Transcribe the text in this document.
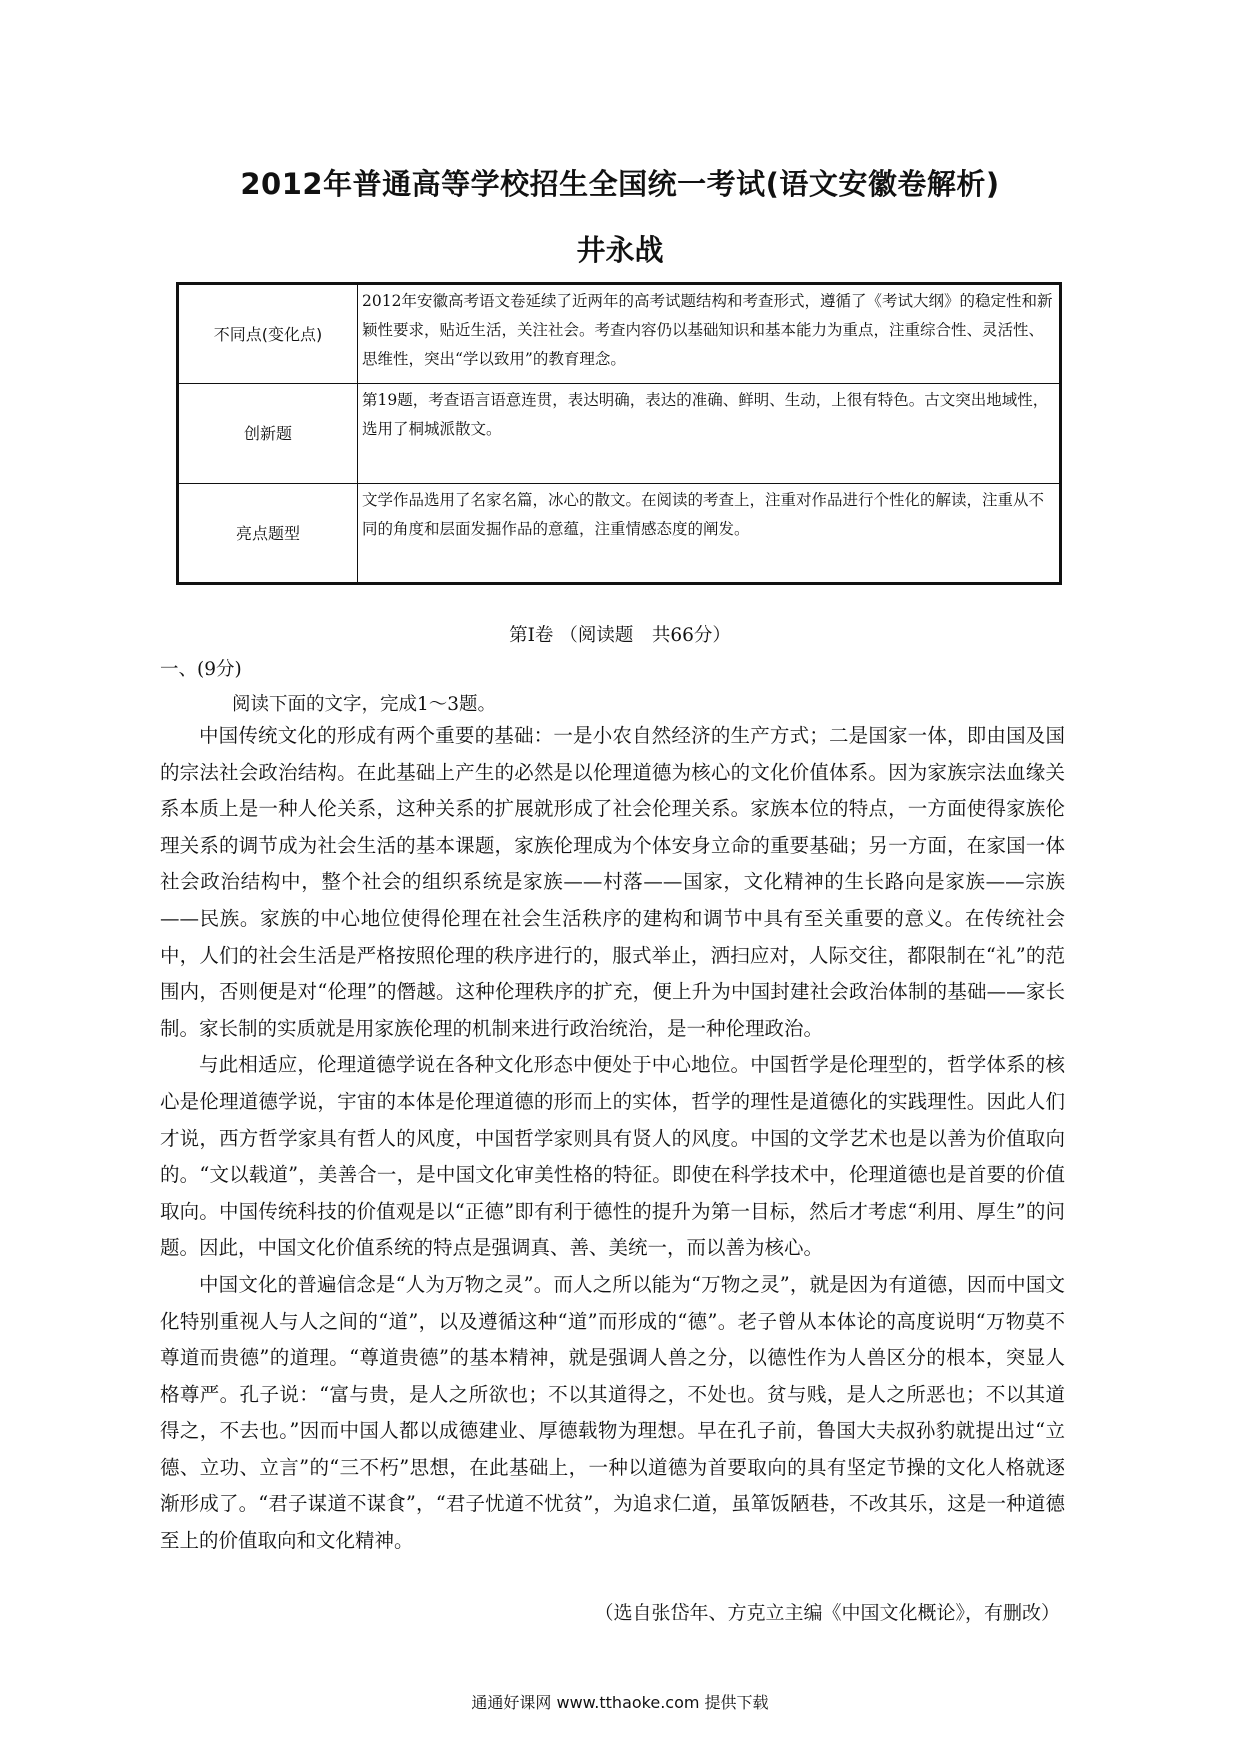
2012年普通高等学校招生全国统一考试(语文安徽卷解析)
井永战
不同点(变化点)	2012年安徽高考语文卷延续了近两年的高考试题结构和考查形式，遵循了《考试大纲》的稳定性和新颖性要求，贴近生活，关注社会。考查内容仍以基础知识和基本能力为重点，注重综合性、灵活性、思维性，突出“学以致用”的教育理念。
创新题	第19题，考查语言语意连贯，表达明确，表达的准确、鲜明、生动，上很有特色。古文突出地域性，选用了桐城派散文。
亮点题型	文学作品选用了名家名篇，冰心的散文。在阅读的考查上，注重对作品进行个性化的解读，注重从不同的角度和层面发掘作品的意蕴，注重情感态度的阐发。
第Ⅰ卷 （阅读题　共66分）
一、(9分)
阅读下面的文字，完成1～3题。

中国传统文化的形成有两个重要的基础：一是小农自然经济的生产方式；二是国家一体，即由国及国的宗法社会政治结构。在此基础上产生的必然是以伦理道德为核心的文化价值体系。因为家族宗法血缘关系本质上是一种人伦关系，这种关系的扩展就形成了社会伦理关系。家族本位的特点，一方面使得家族伦理关系的调节成为社会生活的基本课题，家族伦理成为个体安身立命的重要基础；另一方面，在家国一体社会政治结构中，整个社会的组织系统是家族——村落——国家，文化精神的生长路向是家族——宗族——民族。家族的中心地位使得伦理在社会生活秩序的建构和调节中具有至关重要的意义。在传统社会中，人们的社会生活是严格按照伦理的秩序进行的，服式举止，洒扫应对，人际交往，都限制在“礼”的范围内，否则便是对“伦理”的僭越。这种伦理秩序的扩充，便上升为中国封建社会政治体制的基础——家长制。家长制的实质就是用家族伦理的机制来进行政治统治，是一种伦理政治。

与此相适应，伦理道德学说在各种文化形态中便处于中心地位。中国哲学是伦理型的，哲学体系的核心是伦理道德学说，宇宙的本体是伦理道德的形而上的实体，哲学的理性是道德化的实践理性。因此人们才说，西方哲学家具有哲人的风度，中国哲学家则具有贤人的风度。中国的文学艺术也是以善为价值取向的。“文以载道”，美善合一，是中国文化审美性格的特征。即使在科学技术中，伦理道德也是首要的价值取向。中国传统科技的价值观是以“正德”即有利于德性的提升为第一目标，然后才考虑“利用、厚生”的问题。因此，中国文化价值系统的特点是强调真、善、美统一，而以善为核心。

中国文化的普遍信念是“人为万物之灵”。而人之所以能为“万物之灵”，就是因为有道德，因而中国文化特别重视人与人之间的“道”，以及遵循这种“道”而形成的“德”。老子曾从本体论的高度说明“万物莫不尊道而贵德”的道理。“尊道贵德”的基本精神，就是强调人兽之分，以德性作为人兽区分的根本，突显人格尊严。孔子说：“富与贵，是人之所欲也；不以其道得之，不处也。贫与贱，是人之所恶也；不以其道得之，不去也。”因而中国人都以成德建业、厚德载物为理想。早在孔子前，鲁国大夫叔孙豹就提出过“立德、立功、立言”的“三不朽”思想，在此基础上，一种以道德为首要取向的具有坚定节操的文化人格就逐渐形成了。“君子谋道不谋食”，“君子忧道不忧贫”，为追求仁道，虽箪饭陋巷，不改其乐，这是一种道德至上的价值取向和文化精神。

（选自张岱年、方克立主编《中国文化概论》，有删改）
通通好课网 www.tthaoke.com 提供下载
